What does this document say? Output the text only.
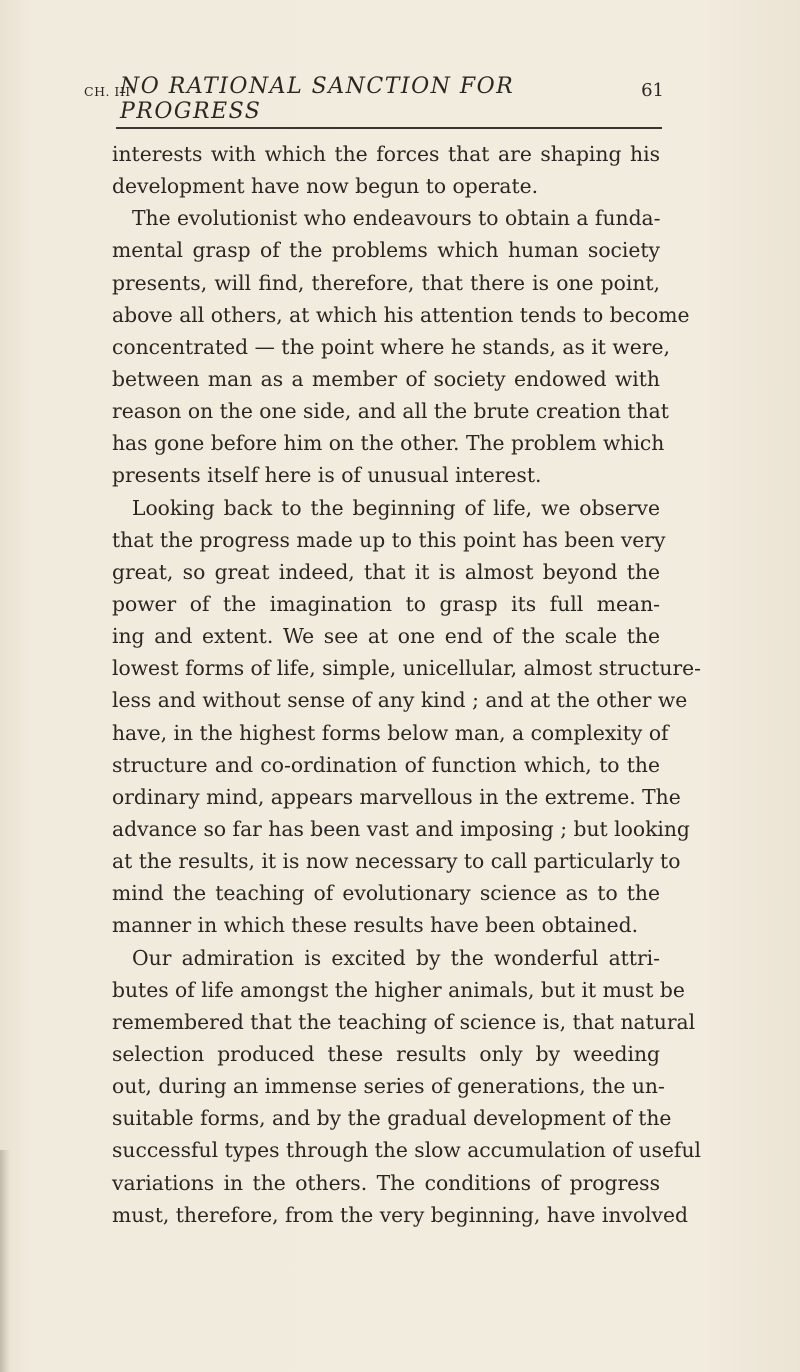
CH. III
NO RATIONAL SANCTION FOR PROGRESS
61
interests with which the forces that are shaping his
development have now begun to operate.
The evolutionist who endeavours to obtain a funda-
mental grasp of the problems which human society
presents, will find, therefore, that there is one point,
above all others, at which his attention tends to become
concentrated — the point where he stands, as it were,
between man as a member of society endowed with
reason on the one side, and all the brute creation that
has gone before him on the other. The problem which
presents itself here is of unusual interest.
Looking back to the beginning of life, we observe
that the progress made up to this point has been very
great, so great indeed, that it is almost beyond the
power of the imagination to grasp its full mean-
ing and extent. We see at one end of the scale the
lowest forms of life, simple, unicellular, almost structure-
less and without sense of any kind ; and at the other we
have, in the highest forms below man, a complexity of
structure and co-ordination of function which, to the
ordinary mind, appears marvellous in the extreme. The
advance so far has been vast and imposing ; but looking
at the results, it is now necessary to call particularly to
mind the teaching of evolutionary science as to the
manner in which these results have been obtained.
Our admiration is excited by the wonderful attri-
butes of life amongst the higher animals, but it must be
remembered that the teaching of science is, that natural
selection produced these results only by weeding
out, during an immense series of generations, the un-
suitable forms, and by the gradual development of the
successful types through the slow accumulation of useful
variations in the others. The conditions of progress
must, therefore, from the very beginning, have involved
